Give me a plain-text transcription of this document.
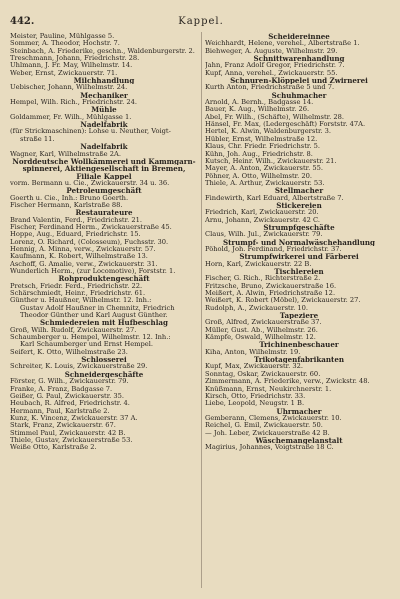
442.	Kappel.
Meister, Pauline, Mühlgasse 5.
Sommer, A. Theodor, Hochstr. 7.
Steinbach, A. Friederike, geschn., Waldenburgerstr. 2.
Treschmann, Johann, Friedrichstr. 28.
Uhlmann, J. Fr. May, Wilhelmstr. 14.
Weber, Ernst, Zwickauerstr. 71.
Milchhandlung
Uebischer, Johann, Wilhelmstr. 24.
Mechaniker
Hempel, Wilh. Rich., Friedrichstr. 24.
Mühle
Goldammer, Fr. Wilh., Mühlgasse 1.
Nadelfabrik
(für Strickmaschinen): Lohse u. Neuther, Voigt-
straße 11.
Nadelfabrik
Wagner, Karl, Wilhelmstraße 2A.
Norddeutsche Wollkämmerei und Kammgarn-
spinnerei, Aktiengesellschaft in Bremen,
Filiale Kappel
vorm. Bermann u. Cie., Zwickauerstr. 34 u. 36.
Petroleumgeschäft
Goerth u. Cie., Inh.: Bruno Goerth.
Fischer Hermann, Karlstraße 88.
Restaurateure
Brand Valentin, Ferd., Friedrichstr. 21.
Fischer, Ferdinand Herm., Zwickauerstraße 45.
Hoppe, Aug., Eduard, Friedrichstr. 15.
Lorenz, O. Richard, (Colosseum), Fuchsstr. 30.
Hennig, A. Minna, verw., Zwickauerstr. 57.
Kaufmann, K. Robert, Wilhelmstraße 13.
Aschoff, G. Amalie, verw., Zwickauerstr. 31.
Wunderlich Herm., (zur Locomotive), Forststr. 1.
Rohproduktengeschäft
Pretsch, Friedr. Ferd., Friedrichstr. 22.
Schärschmiedt, Heinr., Friedrichstr. 61.
Günther u. Haußner, Wilhelmstr. 12. Inh.:
Gustav Adolf Haußner in Chemnitz, Friedrich
Theodor Günther und Karl August Günther.
Schmiedereien mit Hufbeschlag
Groß, Wilh. Rudolf, Zwickauerstr. 27.
Schaumberger u. Hempel, Wilhelmstr. 12. Inh.:
Karl Schaumberger und Ernst Hempel.
Seifert, K. Otto, Wilhelmstraße 23.
Schlosserei
Schreiter, K. Louis, Zwickauerstraße 29.
Schneidergeschäfte
Förster, G. Wilh., Zwickauerstr. 79.
Franke, A. Franz, Badgasse 7.
Geißer, G. Paul, Zwickauerstr. 35.
Heubach, R. Alfred, Friedrichstr. 4.
Hermann, Paul, Karlstraße 2.
Kunz, K. Vincenz, Zwickauerstr. 37 A.
Stark, Franz, Zwickauerstr. 67.
Stimmel Paul, Zwickauerstr. 42 B.
Thiele, Gustav, Zwickauerstraße 53.
Weiße Otto, Karlstraße 2.
Scheidereinnee
Weichhardt, Helene, verehel., Albertstraße 1.
Biehweger, A. Auguste, Wilhelmstr. 29.
Schnittwarenhandlung
Jahn, Franz Adolf Gregor, Friedrichstr. 7.
Kupf, Anna, verehel., Zwickauerstr. 55.
Schnuren-Klöppelei und Zwirnerei
Kurth Anton, Friedrichstraße 5 und 7.
Schuhmacher
Arnold, A. Bernh., Badgasse 14.
Bauer, K. Aug., Wilhelmstr. 26.
Abel, Fr. Wilh., (Schäfte), Wilhelmstr. 28.
Hänsel, Fr. Max, (Ledergeschäft) Forststr. 47A.
Hertel, K. Alwin, Waldenburgerstr. 3.
Hübler, Ernst, Wilhelmstraße 12.
Klaus, Chr. Friedr. Friedrichstr. 5.
Kühn, Joh. Aug., Friedrichstr. 8.
Kutsch, Heinr. Wilh., Zwickauerstr. 21.
Mayer, A. Anton, Zwickauerstr. 55.
Pöhner, A. Otto, Wilhelmstr. 20.
Thiele, A. Arthur, Zwickauerstr. 53.
Stellmacher
Findewirth, Karl Eduard, Albertstraße 7.
Stickereien
Friedrich, Karl, Zwickauerstr. 20.
Arnu, Johann, Zwickauerstr. 42 C.
Strumpfgeschäfte
Claus, Wilh. Jul., Zwickauerstr. 79.
Strumpf- und Normalwäschehandlung
Pöhold, Joh. Ferdinand, Friedrichstr. 37.
Strumpfwirkerei und Färberei
Horn, Karl, Zwickauerstr. 22 B.
Tischlereien
Fischer, G. Rich., Richterstraße 2.
Fritzsche, Bruno, Zwickauerstraße 16.
Meißert, A. Alwin, Friedrichstraße 12.
Weißert, K. Robert (Möbel), Zwickauerstr. 27.
Rudolph, A., Zwickauerstr. 10.
Tapeziere
Groß, Alfred, Zwickauerstraße 37.
Müller, Gust. Ab., Wilhelmstr. 26.
Kämpfe, Oswald, Wilhelmstr. 12.
Trichinenbeschauer
Kiha, Anton, Wilhelmstr. 19.
Trikotagenfabrikanten
Kupf, Max, Zwickauerstr. 32.
Sonntag, Oskar, Zwickauerstr. 60.
Zimmermann, A. Friederike, verw., Zwickstr. 48.
Knüßmann, Ernst, Neukirchnerstr. 1.
Kirsch, Otto, Friedrichstr. 33.
Liebe, Leopold, Neugstr. 1 B.
Uhrmacher
Gemberann, Clemens, Zwickauerstr. 10.
Reichel, G. Emil, Zwickauerstr. 50.
— Joh. Leber, Zwickauerstraße 42 B.
Wäschemangelanstalt
Magirius, Johannes, Voigtstraße 18 C.
